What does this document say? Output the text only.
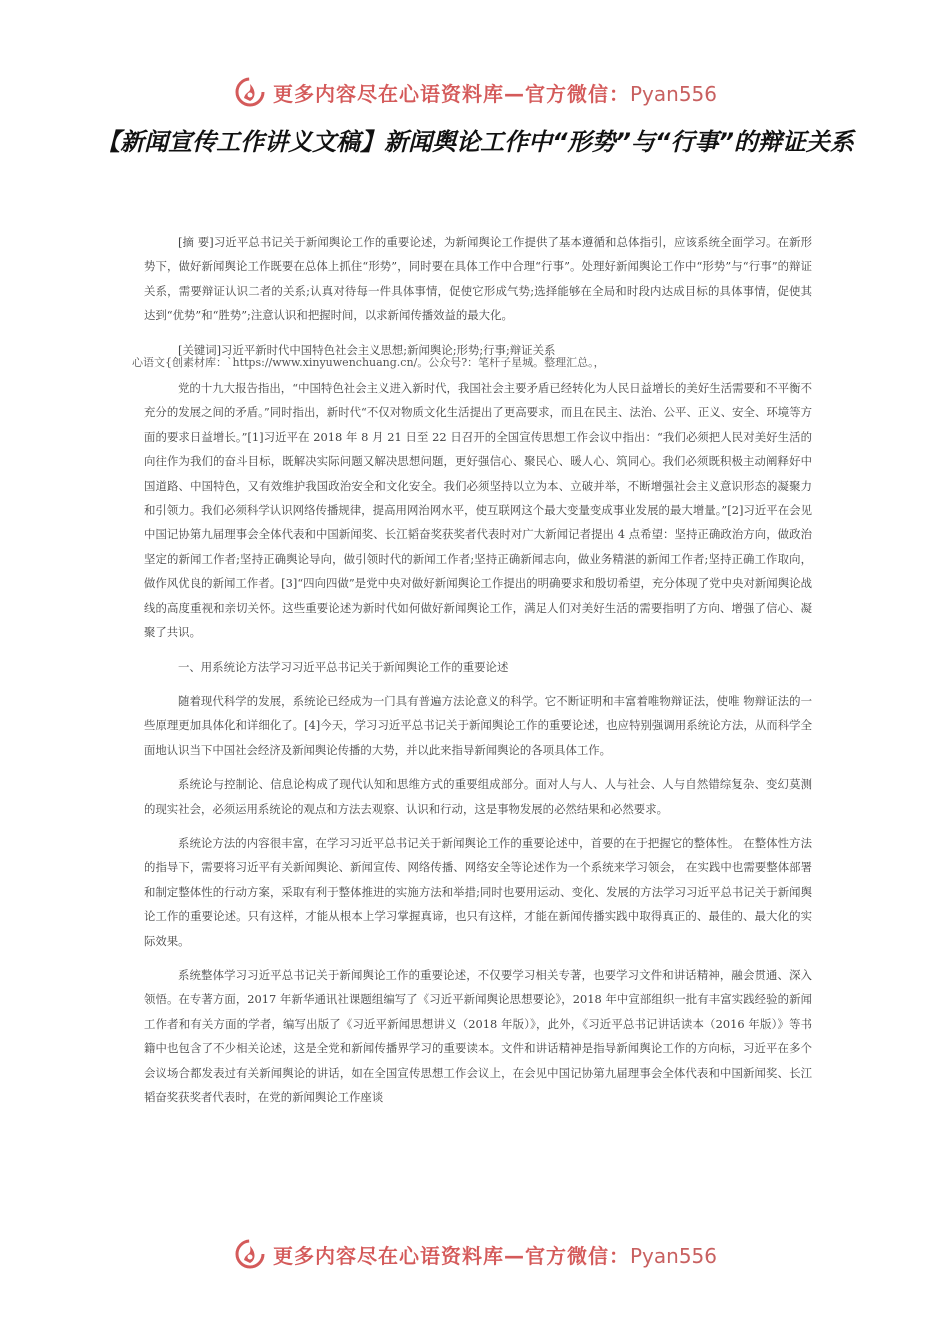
更多内容尽在心语资料库—官方微信：Pyan556
【新闻宣传工作讲义文稿】新闻舆论工作中“形势”与“行事”的辩证关系

[摘 要]习近平总书记关于新闻舆论工作的重要论述，为新闻舆论工作提供了基本遵循和总体指引，应该系统全面学习。在新形势下，做好新闻舆论工作既要在总体上抓住“形势”，同时要在具体工作中合理“行事”。处理好新闻舆论工作中“形势”与“行事”的辩证关系，需要辩证认识二者的关系;认真对待每一件具体事情，促使它形成气势;选择能够在全局和时段内达成目标的具体事情，促使其达到“优势”和“胜势”;注意认识和把握时间，以求新闻传播效益的最大化。

[关键词]习近平新时代中国特色社会主义思想;新闻舆论;形势;行事;辩证关系

心语文{创素材库：`https://www.xinyuwenchuang.cn/。公众号?：笔杆子星城。整理汇总。，

党的十九大报告指出，“中国特色社会主义进入新时代，我国社会主要矛盾已经转化为人民日益增长的美好生活需要和不平衡不充分的发展之间的矛盾。”同时指出，新时代“不仅对物质文化生活提出了更高要求，而且在民主、法治、公平、正义、安全、环境等方面的要求日益增长。”[1]习近平在 2018 年 8 月 21 日至 22 日召开的全国宣传思想工作会议中指出：“我们必须把人民对美好生活的向往作为我们的奋斗目标，既解决实际问题又解决思想问题，更好强信心、聚民心、暖人心、筑同心。我们必须既积极主动阐释好中国道路、中国特色，又有效维护我国政治安全和文化安全。我们必须坚持以立为本、立破并举，不断增强社会主义意识形态的凝聚力和引领力。我们必须科学认识网络传播规律，提高用网治网水平，使互联网这个最大变量变成事业发展的最大增量。”[2]习近平在会见中国记协第九届理事会全体代表和中国新闻奖、长江韬奋奖获奖者代表时对广大新闻记者提出 4 点希望：坚持正确政治方向，做政治坚定的新闻工作者;坚持正确舆论导向，做引领时代的新闻工作者;坚持正确新闻志向，做业务精湛的新闻工作者;坚持正确工作取向，做作风优良的新闻工作者。[3]“四向四做”是党中央对做好新闻舆论工作提出的明确要求和殷切希望，充分体现了党中央对新闻舆论战线的高度重视和亲切关怀。这些重要论述为新时代如何做好新闻舆论工作，满足人们对美好生活的需要指明了方向、增强了信心、凝聚了共识。

一、用系统论方法学习习近平总书记关于新闻舆论工作的重要论述

随着现代科学的发展，系统论已经成为一门具有普遍方法论意义的科学。它不断证明和丰富着唯物辩证法，使唯 物辩证法的一些原理更加具体化和详细化了。[4]今天，学习习近平总书记关于新闻舆论工作的重要论述，也应特别强调用系统论方法，从而科学全面地认识当下中国社会经济及新闻舆论传播的大势，并以此来指导新闻舆论的各项具体工作。

系统论与控制论、信息论构成了现代认知和思维方式的重要组成部分。面对人与人、人与社会、人与自然错综复杂、变幻莫测的现实社会，必须运用系统论的观点和方法去观察、认识和行动，这是事物发展的必然结果和必然要求。

系统论方法的内容很丰富，在学习习近平总书记关于新闻舆论工作的重要论述中，首要的在于把握它的整体性。 在整体性方法的指导下，需要将习近平有关新闻舆论、新闻宣传、网络传播、网络安全等论述作为一个系统来学习领会， 在实践中也需要整体部署和制定整体性的行动方案，采取有利于整体推进的实施方法和举措;同时也要用运动、变化、发展的方法学习习近平总书记关于新闻舆论工作的重要论述。只有这样，才能从根本上学习掌握真谛，也只有这样，才能在新闻传播实践中取得真正的、最佳的、最大化的实际效果。

系统整体学习习近平总书记关于新闻舆论工作的重要论述，不仅要学习相关专著，也要学习文件和讲话精神，融会贯通、深入领悟。在专著方面，2017 年新华通讯社课题组编写了《习近平新闻舆论思想要论》，2018 年中宣部组织一批有丰富实践经验的新闻工作者和有关方面的学者，编写出版了《习近平新闻思想讲义（2018 年版）》，此外，《习近平总书记讲话读本（2016 年版）》等书籍中也包含了不少相关论述，这是全党和新闻传播界学习的重要读本。文件和讲话精神是指导新闻舆论工作的方向标，习近平在多个会议场合都发表过有关新闻舆论的讲话，如在全国宣传思想工作会议上，在会见中国记协第九届理事会全体代表和中国新闻奖、长江韬奋奖获奖者代表时，在党的新闻舆论工作座谈

更多内容尽在心语资料库—官方微信：Pyan556
